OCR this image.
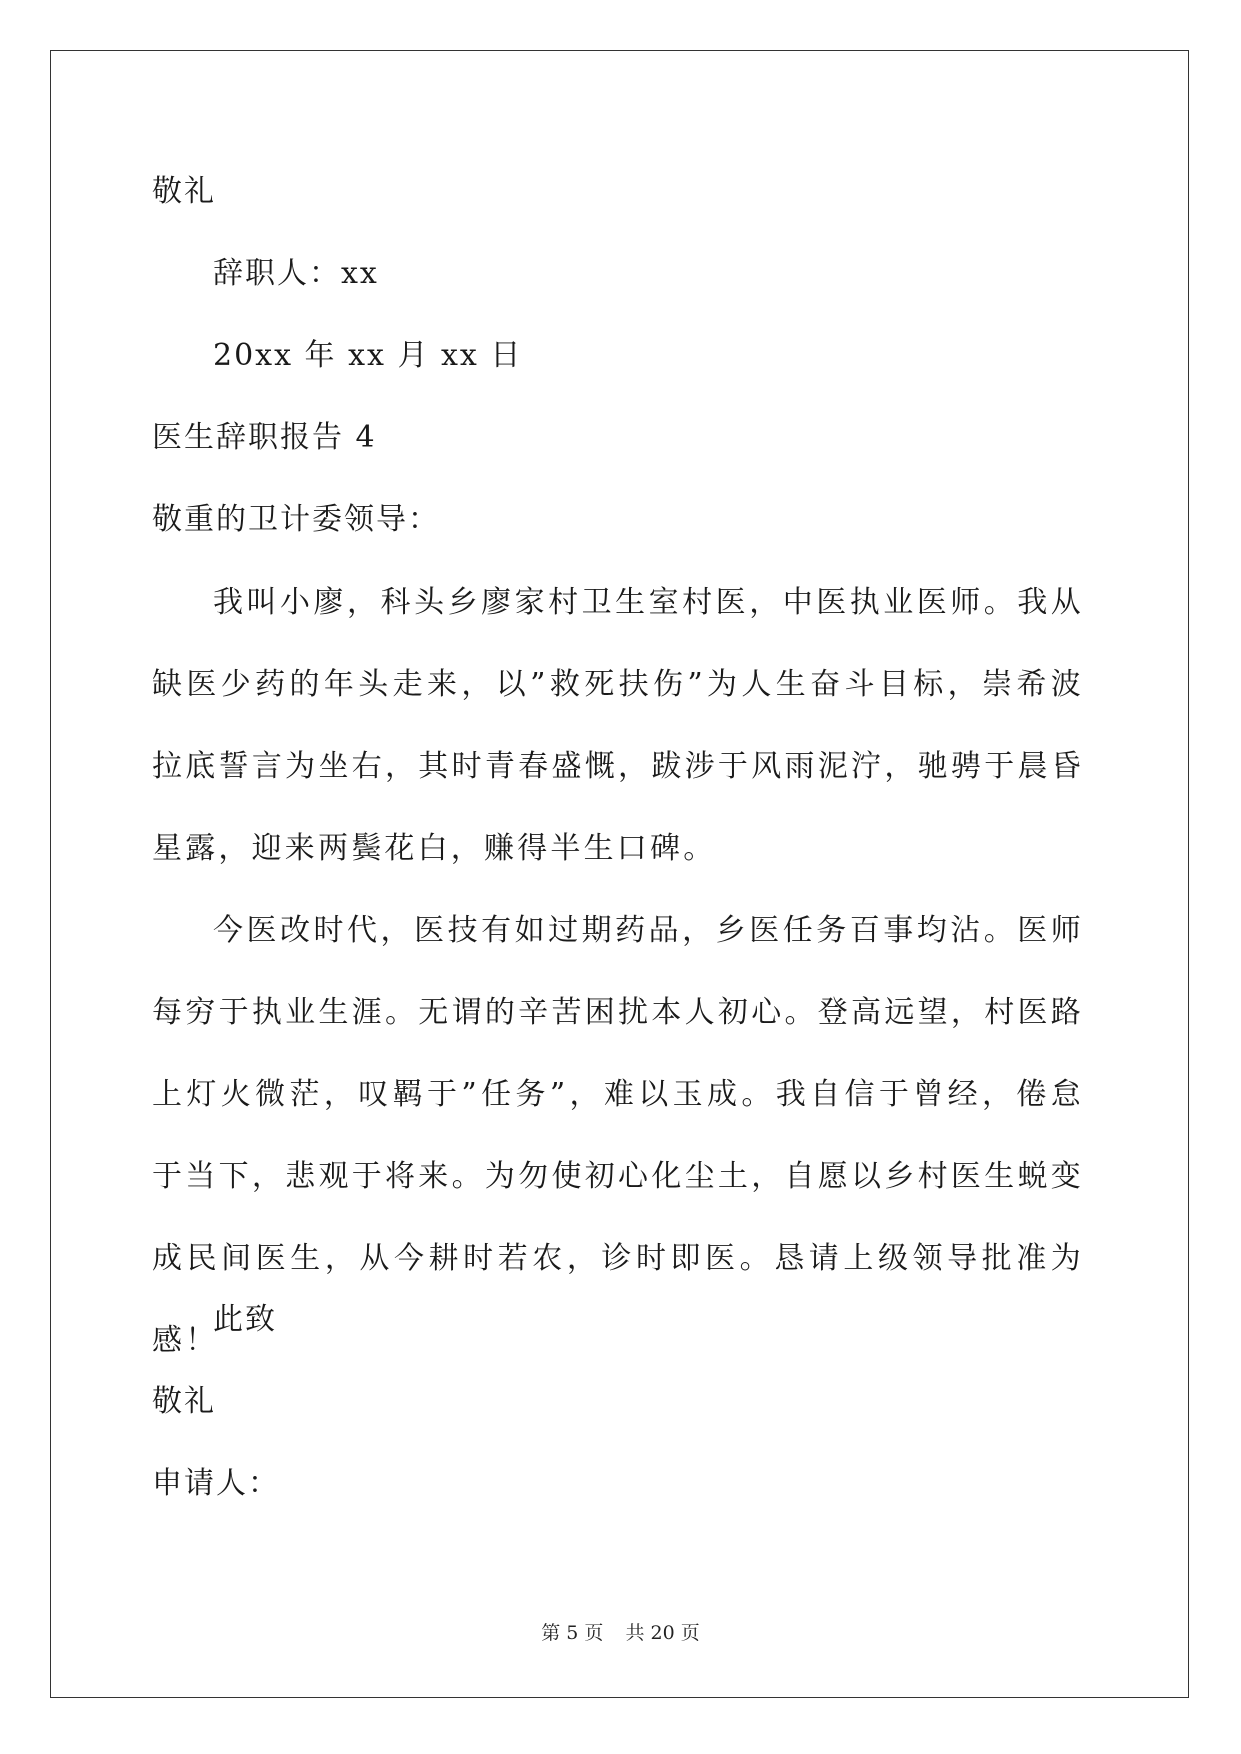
敬礼
辞职人：xx
20xx 年 xx 月 xx 日
医生辞职报告 4
敬重的卫计委领导：
我叫小廖，科头乡廖家村卫生室村医，中医执业医师。我从缺医少药的年头走来，以”救死扶伤”为人生奋斗目标，崇希波拉底誓言为坐右，其时青春盛慨，跋涉于风雨泥泞，驰骋于晨昏星露，迎来两鬓花白，赚得半生口碑。
今医改时代，医技有如过期药品，乡医任务百事均沾。医师每穷于执业生涯。无谓的辛苦困扰本人初心。登高远望，村医路上灯火微茫，叹羁于”任务”，难以玉成。我自信于曾经，倦怠于当下，悲观于将来。为勿使初心化尘土，自愿以乡村医生蜕变成民间医生，从今耕时若农，诊时即医。恳请上级领导批准为感！
此致
敬礼
申请人：
第 5 页 共 20 页
